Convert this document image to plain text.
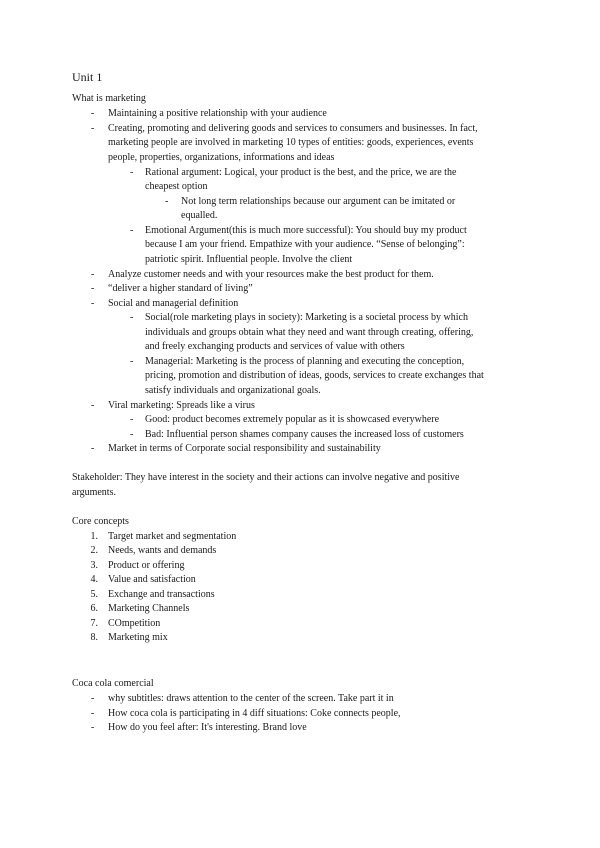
Unit 1
What is marketing
- Maintaining a positive relationship with your audience
- Creating, promoting and delivering goods and services to consumers and businesses. In fact,
marketing people are involved in marketing 10 types of entities: goods, experiences, events
people, properties, organizations, informations and ideas
- Rational argument: Logical, your product is the best, and the price, we are the
cheapest option
- Not long term relationships because our argument can be imitated or
equalled.
- Emotional Argument(this is much more successful): You should buy my product
because I am your friend. Empathize with your audience. “Sense of belonging”:
patriotic spirit. Influential people. Involve the client
- Analyze customer needs and with your resources make the best product for them.
- “deliver a higher standard of living”
- Social and managerial definition
- Social(role marketing plays in society): Marketing is a societal process by which
individuals and groups obtain what they need and want through creating, offering,
and freely exchanging products and services of value with others
- Managerial: Marketing is the process of planning and executing the conception,
pricing, promotion and distribution of ideas, goods, services to create exchanges that
satisfy individuals and organizational goals.
- Viral marketing: Spreads like a virus
- Good: product becomes extremely popular as it is showcased everywhere
- Bad: Influential person shames company causes the increased loss of customers
- Market in terms of Corporate social responsibility and sustainability
Stakeholder: They have interest in the society and their actions can involve negative and positive
arguments.
Core concepts
1. Target market and segmentation
2. Needs, wants and demands
3. Product or offering
4. Value and satisfaction
5. Exchange and transactions
6. Marketing Channels
7. COmpetition
8. Marketing mix
Coca cola comercial
- why subtitles: draws attention to the center of the screen. Take part it in
- How coca cola is participating in 4 diff situations: Coke connects people,
- How do you feel after: It's interesting. Brand love
